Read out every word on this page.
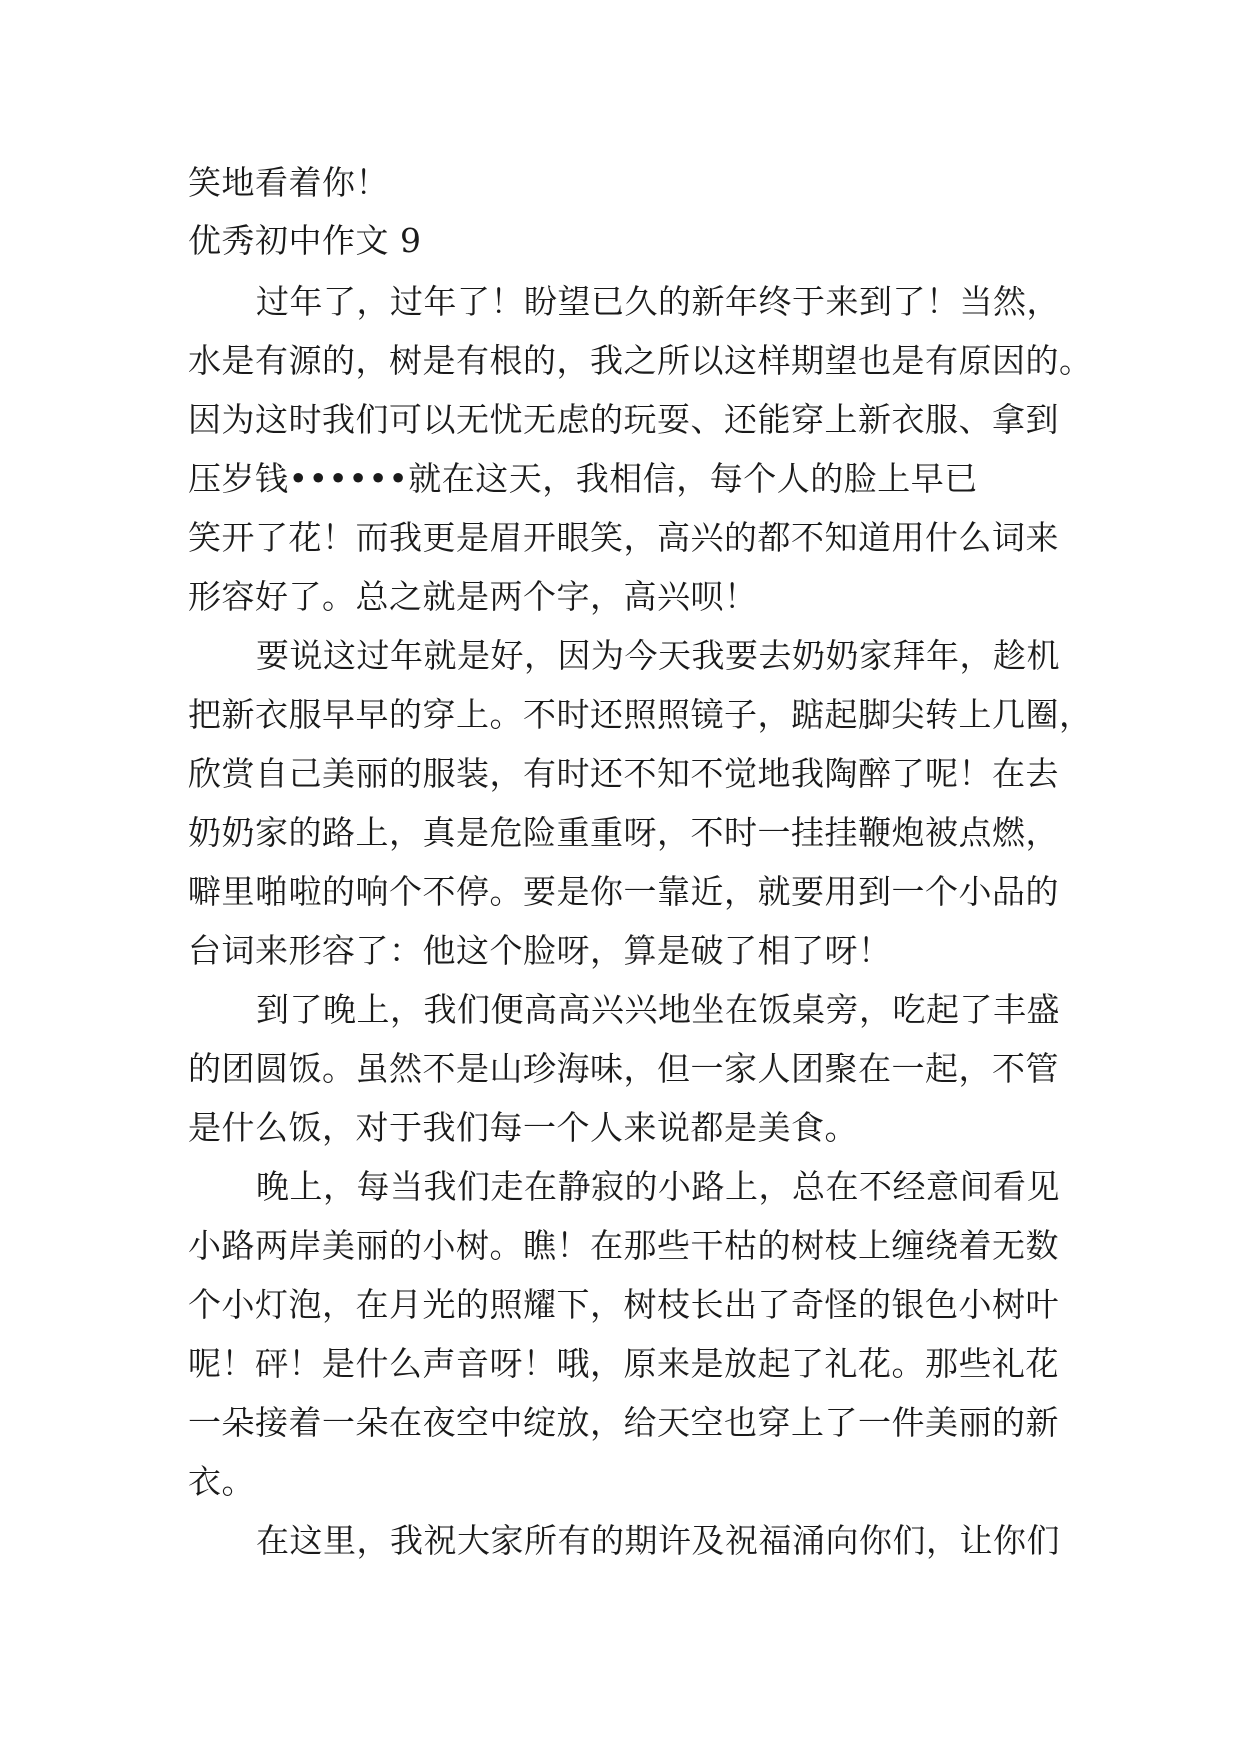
笑地看着你！

优秀初中作文 9

过年了，过年了！盼望已久的新年终于来到了！当然，

水是有源的，树是有根的，我之所以这样期望也是有原因的。

因为这时我们可以无忧无虑的玩耍、还能穿上新衣服、拿到

压岁钱••••••就在这天，我相信，每个人的脸上早已

笑开了花！而我更是眉开眼笑，高兴的都不知道用什么词来

形容好了。总之就是两个字，高兴呗！

要说这过年就是好，因为今天我要去奶奶家拜年，趁机

把新衣服早早的穿上。不时还照照镜子，踮起脚尖转上几圈，

欣赏自己美丽的服装，有时还不知不觉地我陶醉了呢！在去

奶奶家的路上，真是危险重重呀，不时一挂挂鞭炮被点燃，

噼里啪啦的响个不停。要是你一靠近，就要用到一个小品的

台词来形容了：他这个脸呀，算是破了相了呀！

到了晚上，我们便高高兴兴地坐在饭桌旁，吃起了丰盛

的团圆饭。虽然不是山珍海味，但一家人团聚在一起，不管

是什么饭，对于我们每一个人来说都是美食。

晚上，每当我们走在静寂的小路上，总在不经意间看见

小路两岸美丽的小树。瞧！在那些干枯的树枝上缠绕着无数

个小灯泡，在月光的照耀下，树枝长出了奇怪的银色小树叶

呢！砰！是什么声音呀！哦，原来是放起了礼花。那些礼花

一朵接着一朵在夜空中绽放，给天空也穿上了一件美丽的新

衣。

在这里，我祝大家所有的期许及祝福涌向你们，让你们
